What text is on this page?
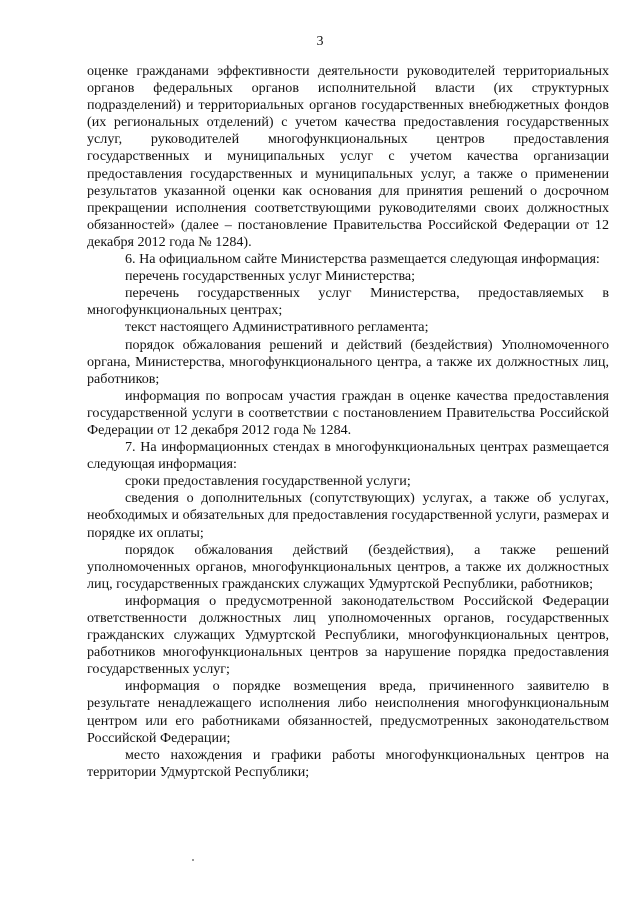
3

оценке гражданами эффективности деятельности руководителей территориальных органов федеральных органов исполнительной власти (их структурных подразделений) и территориальных органов государственных внебюджетных фондов (их региональных отделений) с учетом качества предоставления государственных услуг, руководителей многофункциональных центров предоставления государственных и муниципальных услуг с учетом качества организации предоставления государственных и муниципальных услуг, а также о применении результатов указанной оценки как основания для принятия решений о досрочном прекращении исполнения соответствующими руководителями своих должностных обязанностей» (далее – постановление Правительства Российской Федерации от 12 декабря 2012 года № 1284).

6. На официальном сайте Министерства размещается следующая информация:

перечень государственных услуг Министерства;

перечень государственных услуг Министерства, предоставляемых в многофункциональных центрах;

текст настоящего Административного регламента;

порядок обжалования решений и действий (бездействия) Уполномоченного органа, Министерства, многофункционального центра, а также их должностных лиц, работников;

информация по вопросам участия граждан в оценке качества предоставления государственной услуги в соответствии с постановлением Правительства Российской Федерации от 12 декабря 2012 года № 1284.

7. На информационных стендах в многофункциональных центрах размещается следующая информация:

сроки предоставления государственной услуги;

сведения о дополнительных (сопутствующих) услугах, а также об услугах, необходимых и обязательных для предоставления государственной услуги, размерах и порядке их оплаты;

порядок обжалования действий (бездействия), а также решений уполномоченных органов, многофункциональных центров, а также их должностных лиц, государственных гражданских служащих Удмуртской Республики, работников;

информация о предусмотренной законодательством Российской Федерации ответственности должностных лиц уполномоченных органов, государственных гражданских служащих Удмуртской Республики, многофункциональных центров, работников многофункциональных центров за нарушение порядка предоставления государственных услуг;

информация о порядке возмещения вреда, причиненного заявителю в результате ненадлежащего исполнения либо неисполнения многофункциональным центром или его работниками обязанностей, предусмотренных законодательством Российской Федерации;

место нахождения и графики работы многофункциональных центров на территории Удмуртской Республики;
